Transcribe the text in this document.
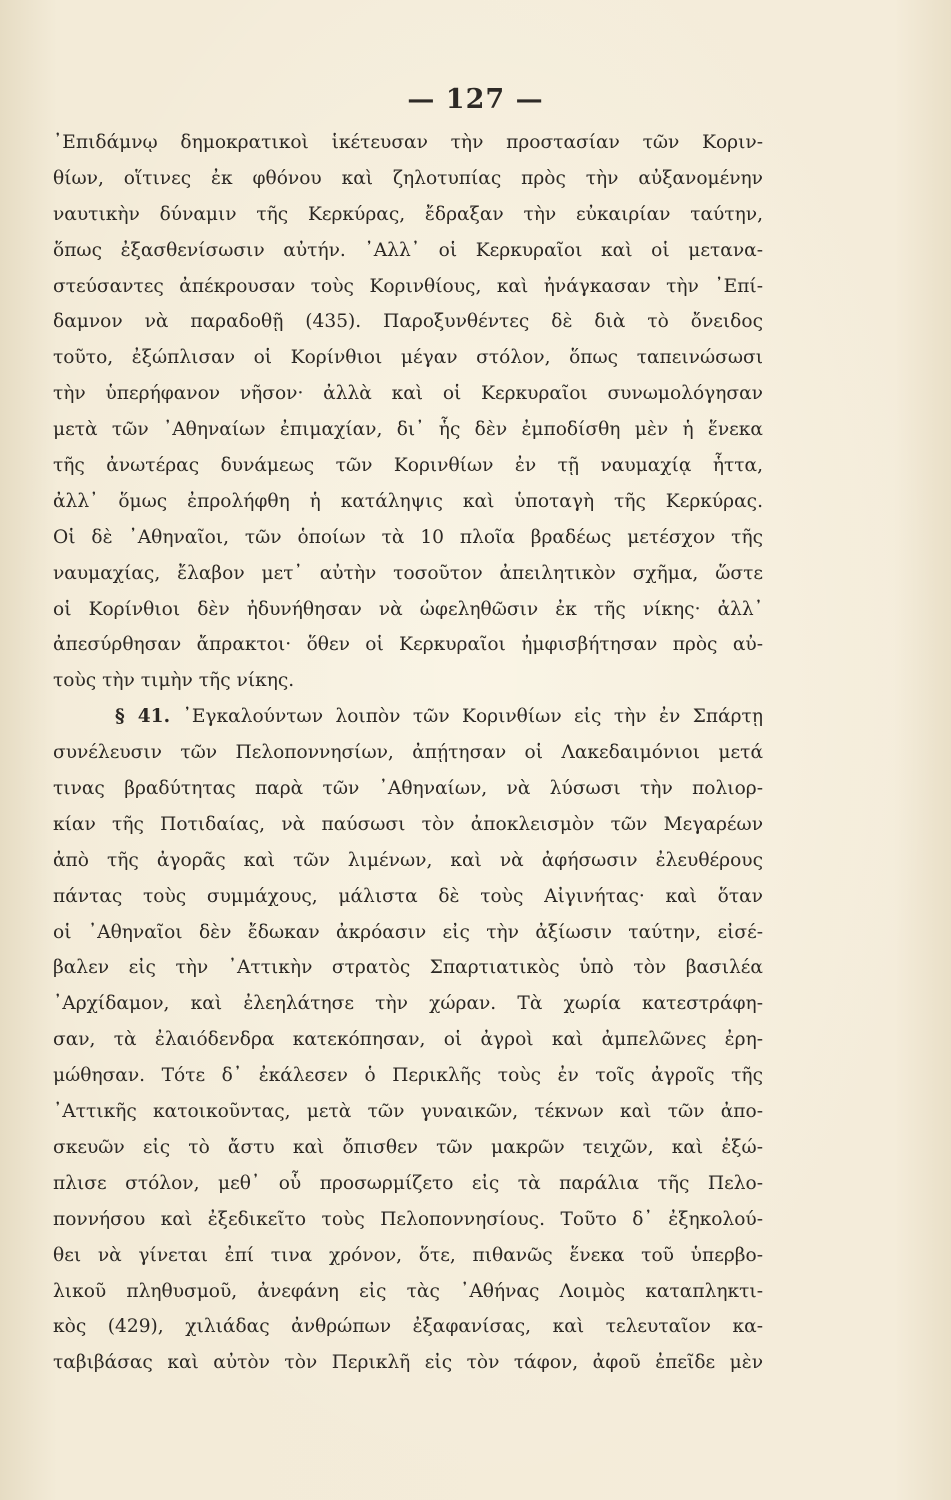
— 127 —
᾿Επιδάμνῳ δημοκρατικοὶ ἱκέτευσαν τὴν προστασίαν τῶν Κοριν-
θίων, οἵτινες ἐκ φθόνου καὶ ζηλοτυπίας πρὸς τὴν αὐξανομένην
ναυτικὴν δύναμιν τῆς Κερκύρας, ἔδραξαν τὴν εὐκαιρίαν ταύτην,
ὅπως ἐξασθενίσωσιν αὐτήν. ᾿Αλλ᾿ οἱ Κερκυραῖοι καὶ οἱ μετανα-
στεύσαντες ἀπέκρουσαν τοὺς Κορινθίους, καὶ ἠνάγκασαν τὴν ᾿Επί-
δαμνον νὰ παραδοθῇ (435). Παροξυνθέντες δὲ διὰ τὸ ὄνειδος
τοῦτο, ἐξώπλισαν οἱ Κορίνθιοι μέγαν στόλον, ὅπως ταπεινώσωσι
τὴν ὑπερήφανον νῆσον· ἀλλὰ καὶ οἱ Κερκυραῖοι συνωμολόγησαν
μετὰ τῶν ᾿Αθηναίων ἐπιμαχίαν, δι᾿ ἧς δὲν ἐμποδίσθη μὲν ἡ ἕνεκα
τῆς ἀνωτέρας δυνάμεως τῶν Κορινθίων ἐν τῇ ναυμαχίᾳ ἧττα,
ἀλλ᾿ ὅμως ἐπρολήφθη ἡ κατάληψις καὶ ὑποταγὴ τῆς Κερκύρας.
Οἱ δὲ ᾿Αθηναῖοι, τῶν ὁποίων τὰ 10 πλοῖα βραδέως μετέσχον τῆς
ναυμαχίας, ἔλαβον μετ᾿ αὐτὴν τοσοῦτον ἀπειλητικὸν σχῆμα, ὥστε
οἱ Κορίνθιοι δὲν ἠδυνήθησαν νὰ ὠφεληθῶσιν ἐκ τῆς νίκης· ἀλλ᾿
ἀπεσύρθησαν ἄπρακτοι· ὅθεν οἱ Κερκυραῖοι ἠμφισβήτησαν πρὸς αὐ-
τοὺς τὴν τιμὴν τῆς νίκης.
§ 41. ᾿Εγκαλούντων λοιπὸν τῶν Κορινθίων εἰς τὴν ἐν Σπάρτῃ
συνέλευσιν τῶν Πελοποννησίων, ἀπῄτησαν οἱ Λακεδαιμόνιοι μετά
τινας βραδύτητας παρὰ τῶν ᾿Αθηναίων, νὰ λύσωσι τὴν πολιορ-
κίαν τῆς Ποτιδαίας, νὰ παύσωσι τὸν ἀποκλεισμὸν τῶν Μεγαρέων
ἀπὸ τῆς ἀγορᾶς καὶ τῶν λιμένων, καὶ νὰ ἀφήσωσιν ἐλευθέρους
πάντας τοὺς συμμάχους, μάλιστα δὲ τοὺς Αἰγινήτας· καὶ ὅταν
οἱ ᾿Αθηναῖοι δὲν ἔδωκαν ἀκρόασιν εἰς τὴν ἀξίωσιν ταύτην, εἰσέ-
βαλεν εἰς τὴν ᾿Αττικὴν στρατὸς Σπαρτιατικὸς ὑπὸ τὸν βασιλέα
᾿Αρχίδαμον, καὶ ἐλεηλάτησε τὴν χώραν. Τὰ χωρία κατεστράφη-
σαν, τὰ ἐλαιόδενδρα κατεκόπησαν, οἱ ἀγροὶ καὶ ἀμπελῶνες ἐρη-
μώθησαν. Τότε δ᾿ ἐκάλεσεν ὁ Περικλῆς τοὺς ἐν τοῖς ἀγροῖς τῆς
᾿Αττικῆς κατοικοῦντας, μετὰ τῶν γυναικῶν, τέκνων καὶ τῶν ἀπο-
σκευῶν εἰς τὸ ἄστυ καὶ ὄπισθεν τῶν μακρῶν τειχῶν, καὶ ἐξώ-
πλισε στόλον, μεθ᾿ οὗ προσωρμίζετο εἰς τὰ παράλια τῆς Πελο-
ποννήσου καὶ ἐξεδικεῖτο τοὺς Πελοποννησίους. Τοῦτο δ᾿ ἐξηκολού-
θει νὰ γίνεται ἐπί τινα χρόνον, ὅτε, πιθανῶς ἕνεκα τοῦ ὑπερβο-
λικοῦ πληθυσμοῦ, ἀνεφάνη εἰς τὰς ᾿Αθήνας Λοιμὸς καταπληκτι-
κὸς (429), χιλιάδας ἀνθρώπων ἐξαφανίσας, καὶ τελευταῖον κα-
ταβιβάσας καὶ αὐτὸν τὸν Περικλῆ εἰς τὸν τάφον, ἀφοῦ ἐπεῖδε μὲν
